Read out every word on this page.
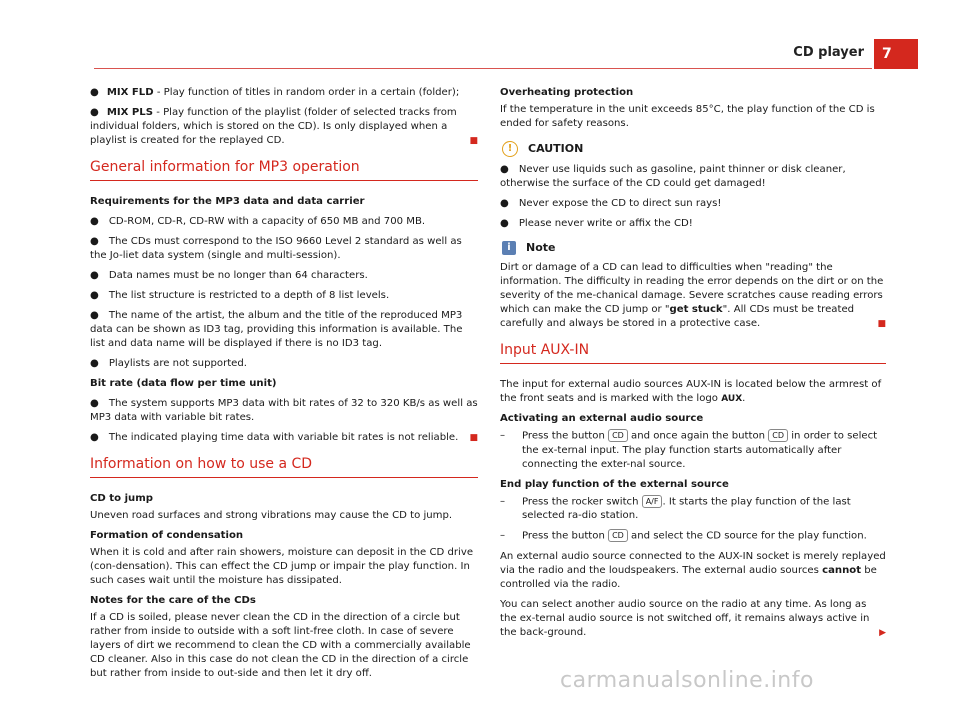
CD player	7

● MIX FLD - Play function of titles in random order in a certain (folder);

● MIX PLS - Play function of the playlist (folder of selected tracks from individual folders, which is stored on the CD). Is only displayed when a playlist is created for the replayed CD.	■

General information for MP3 operation

Requirements for the MP3 data and data carrier

● CD-ROM, CD-R, CD-RW with a capacity of 650 MB and 700 MB.

● The CDs must correspond to the ISO 9660 Level 2 standard as well as the Jo-liet data system (single and multi-session).

● Data names must be no longer than 64 characters.

● The list structure is restricted to a depth of 8 list levels.

● The name of the artist, the album and the title of the reproduced MP3 data can be shown as ID3 tag, providing this information is available. The list and data name will be displayed if there is no ID3 tag.

● Playlists are not supported.

Bit rate (data flow per time unit)

● The system supports MP3 data with bit rates of 32 to 320 KB/s as well as MP3 data with variable bit rates.

● The indicated playing time data with variable bit rates is not reliable. ■

Information on how to use a CD

CD to jump

Uneven road surfaces and strong vibrations may cause the CD to jump.

Formation of condensation

When it is cold and after rain showers, moisture can deposit in the CD drive (con-densation). This can effect the CD jump or impair the play function. In such cases wait until the moisture has dissipated.

Notes for the care of the CDs

If a CD is soiled, please never clean the CD in the direction of a circle but rather from inside to outside with a soft lint-free cloth. In case of severe layers of dirt we recommend to clean the CD with a commercially available CD cleaner. Also in this case do not clean the CD in the direction of a circle but rather from inside to out-side and then let it dry off.

Overheating protection

If the temperature in the unit exceeds 85°C, the play function of the CD is ended for safety reasons.

!	CAUTION

● Never use liquids such as gasoline, paint thinner or disk cleaner, otherwise the surface of the CD could get damaged!

● Never expose the CD to direct sun rays!

● Please never write or affix the CD!

i	Note

Dirt or damage of a CD can lead to difficulties when "reading" the information. The difficulty in reading the error depends on the dirt or on the severity of the me-chanical damage. Severe scratches cause reading errors which can make the CD jump or "get stuck". All CDs must be treated carefully and always be stored in a protective case.	■

Input AUX-IN

The input for external audio sources AUX-IN is located below the armrest of the front seats and is marked with the logo AUX.

Activating an external audio source

–	Press the button CD and once again the button CD in order to select the ex-ternal input. The play function starts automatically after connecting the exter-nal source.

End play function of the external source

–	Press the rocker switch A/F . It starts the play function of the last selected ra-dio station.
–	Press the button CD and select the CD source for the play function.

An external audio source connected to the AUX-IN socket is merely replayed via the radio and the loudspeakers. The external audio sources cannot be controlled via the radio.

You can select another audio source on the radio at any time. As long as the ex-ternal audio source is not switched off, it remains always active in the back-ground.	▶

carmanualsonline.info
